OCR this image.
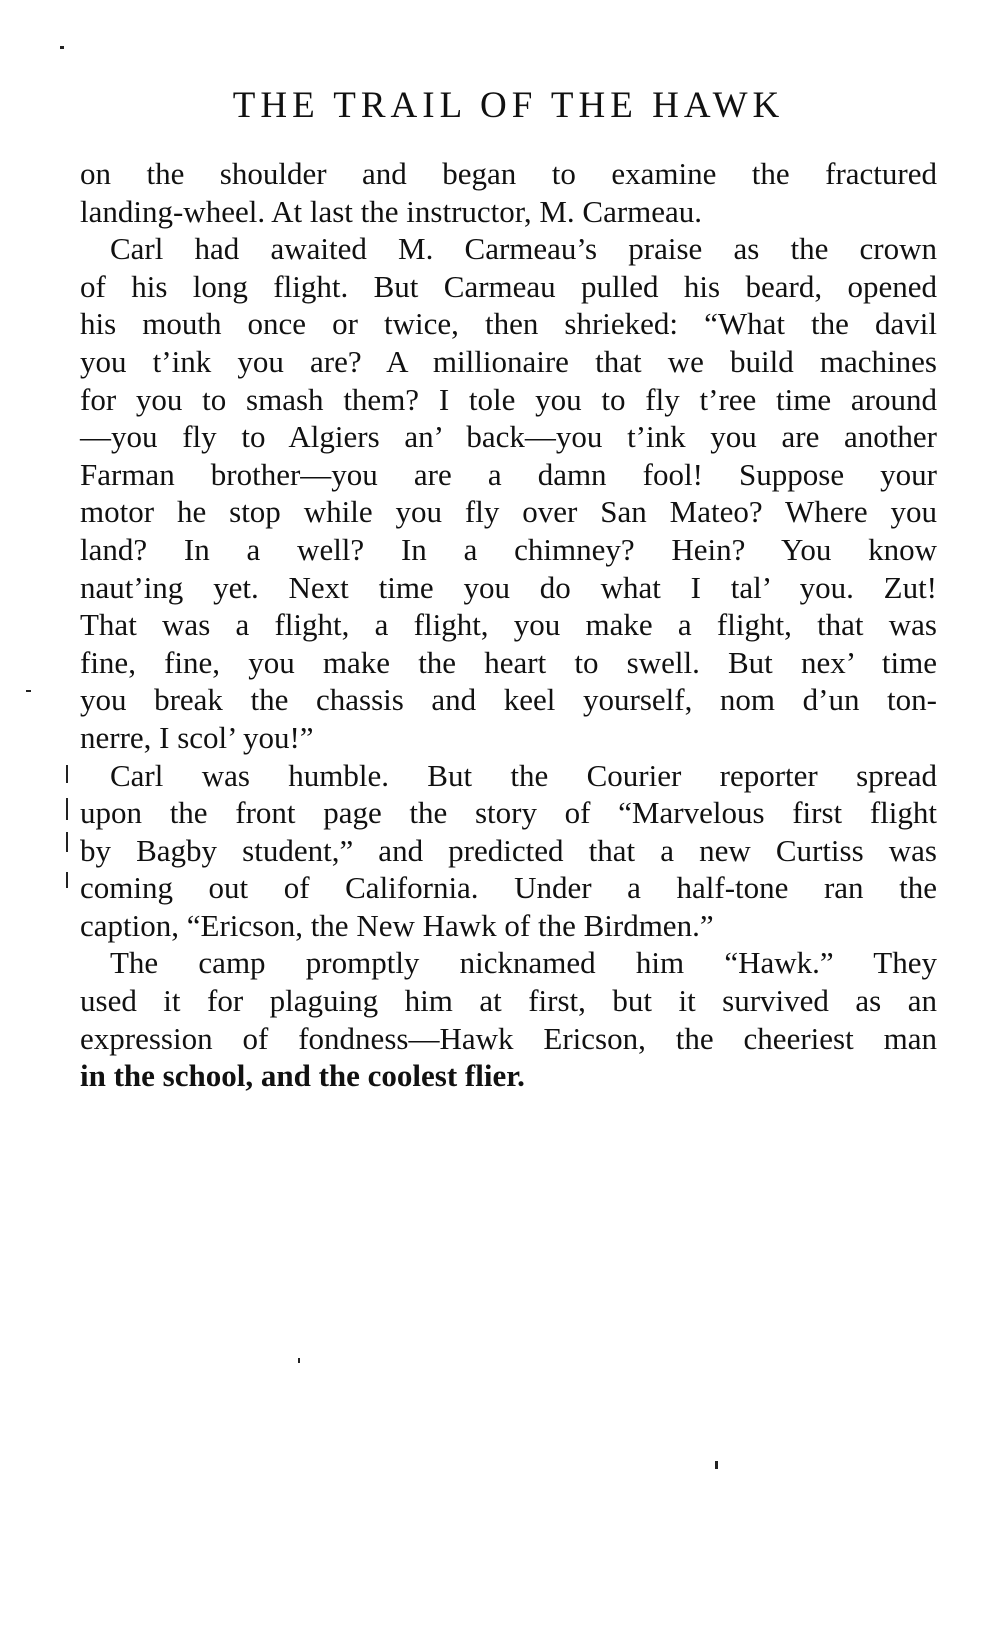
THE TRAIL OF THE HAWK
on the shoulder and began to examine the fractured
landing-wheel. At last the instructor, M. Carmeau.
Carl had awaited M. Carmeau’s praise as the crown
of his long flight. But Carmeau pulled his beard, opened
his mouth once or twice, then shrieked: “What the davil
you t’ink you are? A millionaire that we build machines
for you to smash them? I tole you to fly t’ree time around
—you fly to Algiers an’ back—you t’ink you are another
Farman brother—you are a damn fool! Suppose your
motor he stop while you fly over San Mateo? Where you
land? In a well? In a chimney? Hein? You know
naut’ing yet. Next time you do what I tal’ you. Zut!
That was a flight, a flight, you make a flight, that was
fine, fine, you make the heart to swell. But nex’ time
you break the chassis and keel yourself, nom d’un ton-
nerre, I scol’ you!”
Carl was humble. But the Courier reporter spread
upon the front page the story of “Marvelous first flight
by Bagby student,” and predicted that a new Curtiss was
coming out of California. Under a half-tone ran the
caption, “Ericson, the New Hawk of the Birdmen.”
The camp promptly nicknamed him “Hawk.” They
used it for plaguing him at first, but it survived as an
expression of fondness—Hawk Ericson, the cheeriest man
in the school, and the coolest flier.
